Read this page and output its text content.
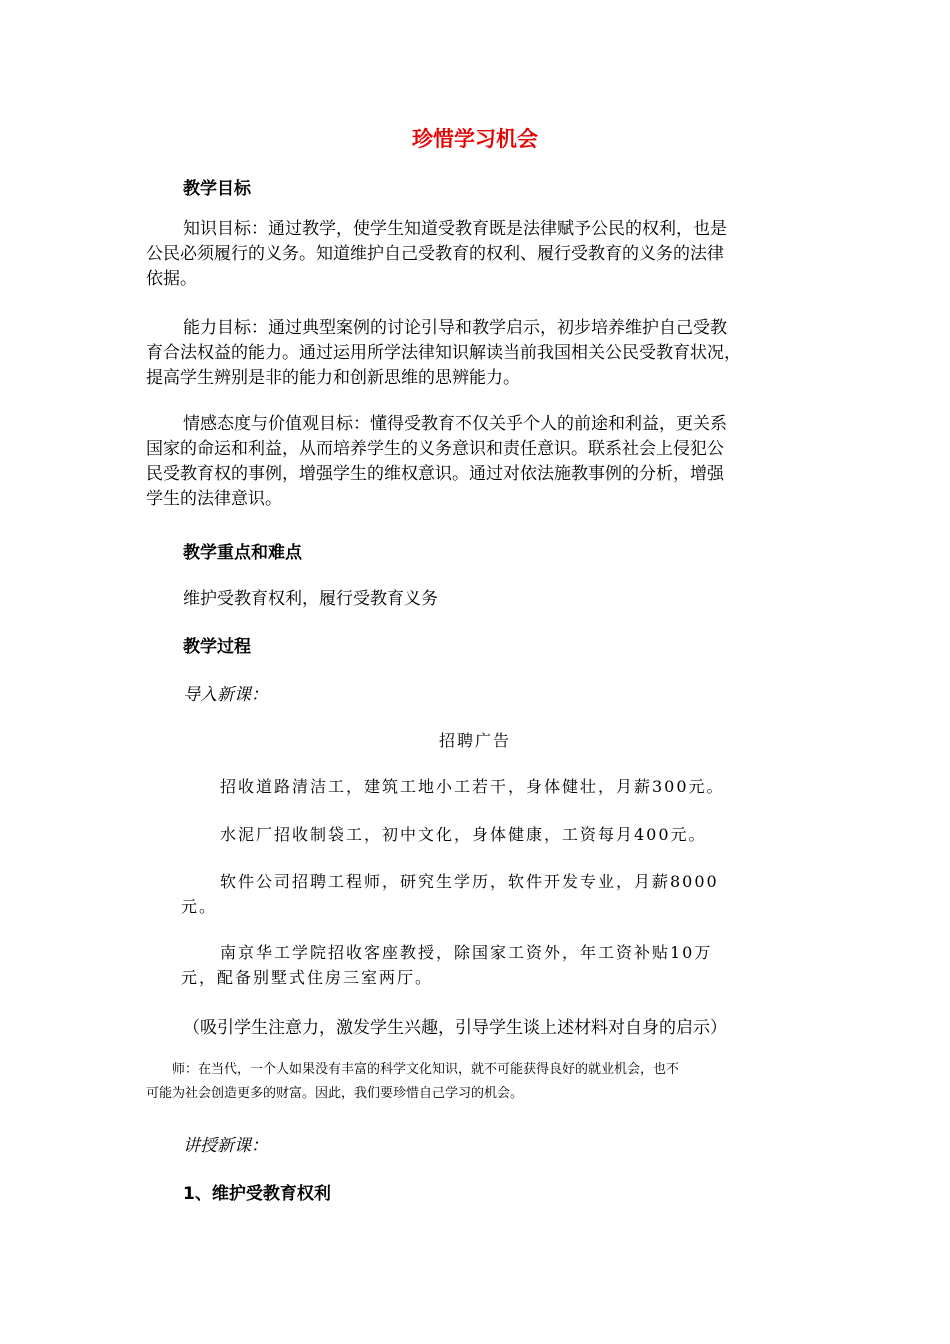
珍惜学习机会
教学目标
知识目标：通过教学，使学生知道受教育既是法律赋予公民的权利，也是
公民必须履行的义务。知道维护自己受教育的权利、履行受教育的义务的法律
依据。
能力目标：通过典型案例的讨论引导和教学启示，初步培养维护自己受教
育合法权益的能力。通过运用所学法律知识解读当前我国相关公民受教育状况，
提高学生辨别是非的能力和创新思维的思辨能力。
情感态度与价值观目标：懂得受教育不仅关乎个人的前途和利益，更关系
国家的命运和利益，从而培养学生的义务意识和责任意识。联系社会上侵犯公
民受教育权的事例，增强学生的维权意识。通过对依法施教事例的分析，增强
学生的法律意识。
教学重点和难点
维护受教育权利，履行受教育义务
教学过程
导入新课：
招聘广告
招收道路清洁工，建筑工地小工若干，身体健壮，月薪300元。
水泥厂招收制袋工，初中文化，身体健康，工资每月400元。
软件公司招聘工程师，研究生学历，软件开发专业，月薪8000
元。
南京华工学院招收客座教授，除国家工资外，年工资补贴10万
元，配备别墅式住房三室两厅。
（吸引学生注意力，激发学生兴趣，引导学生谈上述材料对自身的启示）
师：在当代，一个人如果没有丰富的科学文化知识，就不可能获得良好的就业机会，也不
可能为社会创造更多的财富。因此，我们要珍惜自己学习的机会。
讲授新课：
1、维护受教育权利
